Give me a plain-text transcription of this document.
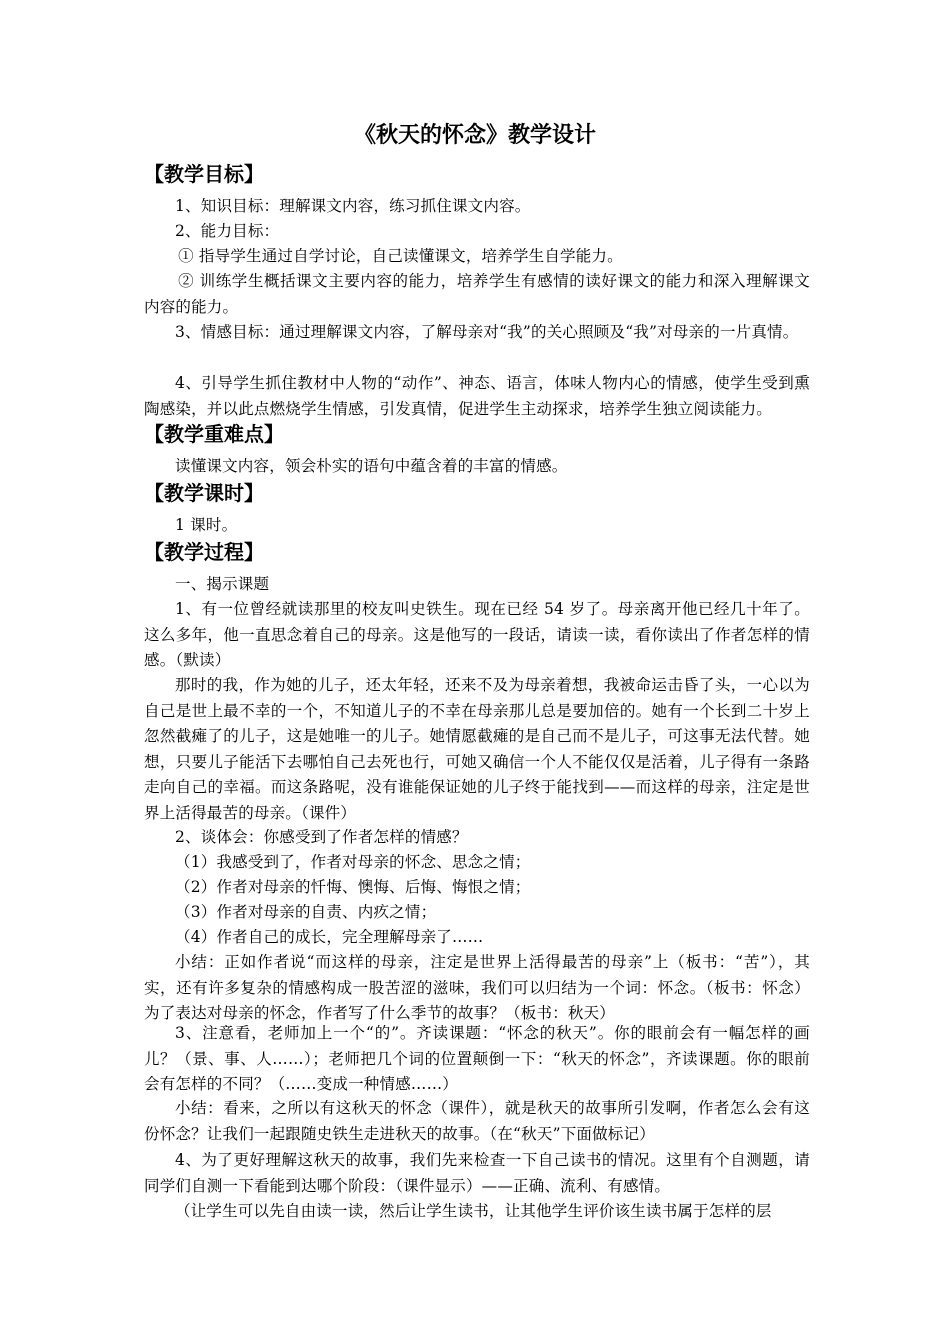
《秋天的怀念》教学设计
【教学目标】
1、知识目标：理解课文内容，练习抓住课文内容。
2、能力目标：
① 指导学生通过自学讨论，自己读懂课文，培养学生自学能力。
② 训练学生概括课文主要内容的能力，培养学生有感情的读好课文的能力和深入理解课文内容的能力。
3、情感目标：通过理解课文内容，了解母亲对“我”的关心照顾及“我”对母亲的一片真情。
4、引导学生抓住教材中人物的“动作”、神态、语言，体味人物内心的情感，使学生受到熏陶感染，并以此点燃烧学生情感，引发真情，促进学生主动探求，培养学生独立阅读能力。
【教学重难点】
读懂课文内容，领会朴实的语句中蕴含着的丰富的情感。
【教学课时】
1 课时。
【教学过程】
一、揭示课题
1、有一位曾经就读那里的校友叫史铁生。现在已经 54 岁了。母亲离开他已经几十年了。这么多年，他一直思念着自己的母亲。这是他写的一段话，请读一读，看你读出了作者怎样的情感。（默读）
那时的我，作为她的儿子，还太年轻，还来不及为母亲着想，我被命运击昏了头，一心以为自己是世上最不幸的一个，不知道儿子的不幸在母亲那儿总是要加倍的。她有一个长到二十岁上忽然截瘫了的儿子，这是她唯一的儿子。她情愿截瘫的是自己而不是儿子，可这事无法代替。她想，只要儿子能活下去哪怕自己去死也行，可她又确信一个人不能仅仅是活着，儿子得有一条路走向自己的幸福。而这条路呢，没有谁能保证她的儿子终于能找到——而这样的母亲，注定是世界上活得最苦的母亲。（课件）
2、谈体会：你感受到了作者怎样的情感？
（1）我感受到了，作者对母亲的怀念、思念之情；
（2）作者对母亲的忏悔、懊悔、后悔、悔恨之情；
（3）作者对母亲的自责、内疚之情；
（4）作者自己的成长，完全理解母亲了……
小结：正如作者说“而这样的母亲，注定是世界上活得最苦的母亲”上（板书：“苦”），其实，还有许多复杂的情感构成一股苦涩的滋味，我们可以归结为一个词：怀念。（板书：怀念）为了表达对母亲的怀念，作者写了什么季节的故事？（板书：秋天）
3、注意看，老师加上一个“的”。齐读课题：“怀念的秋天”。你的眼前会有一幅怎样的画儿？（景、事、人……）；老师把几个词的位置颠倒一下：“秋天的怀念”，齐读课题。你的眼前会有怎样的不同？（……变成一种情感……）
小结：看来，之所以有这秋天的怀念（课件），就是秋天的故事所引发啊，作者怎么会有这份怀念？让我们一起跟随史铁生走进秋天的故事。（在“秋天”下面做标记）
4、为了更好理解这秋天的故事，我们先来检查一下自己读书的情况。这里有个自测题，请同学们自测一下看能到达哪个阶段：（课件显示）——正确、流利、有感情。
（让学生可以先自由读一读，然后让学生读书，让其他学生评价该生读书属于怎样的层
